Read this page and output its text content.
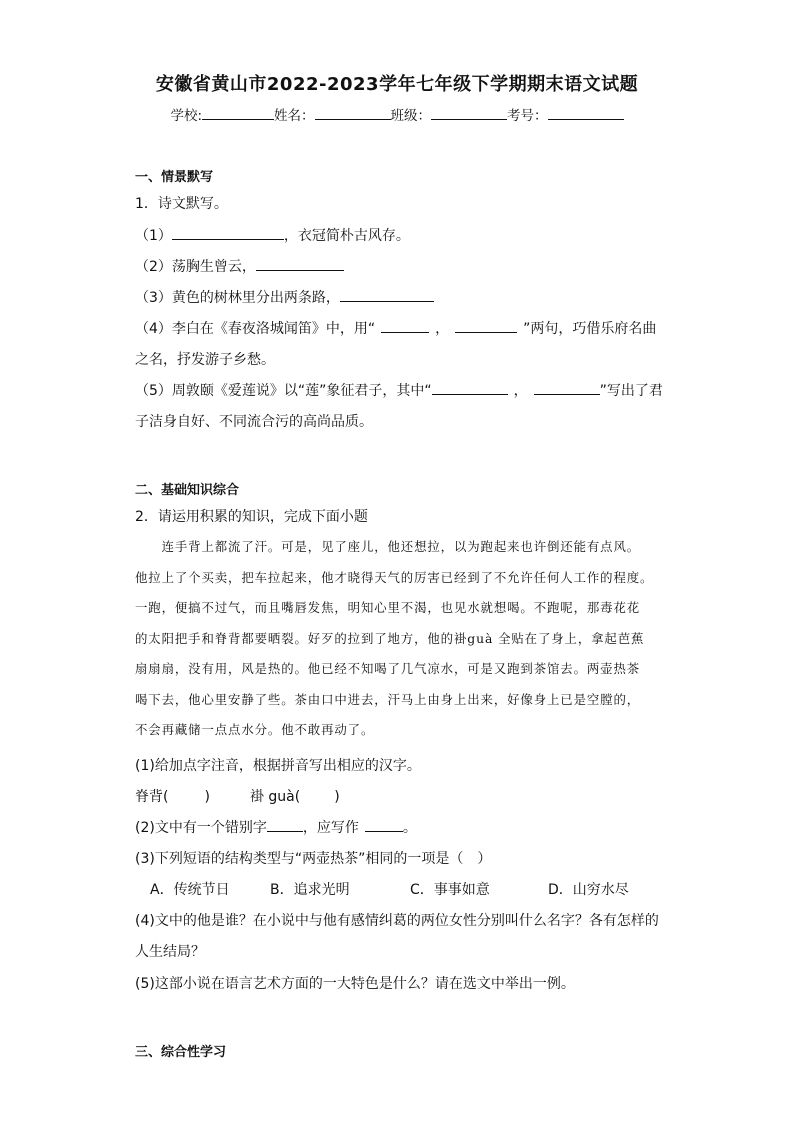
安徽省黄山市2022-2023学年七年级下学期期末语文试题
学校:	姓名：	班级：	考号：
一、情景默写
1．诗文默写。
（1）	，衣冠简朴古风存。
（2）荡胸生曾云，
（3）黄色的树林里分出两条路，
（4）李白在《春夜洛城闻笛》中，用“	，	”两句，巧借乐府名曲
之名，抒发游子乡愁。
（5）周敦颐《爱莲说》以“莲”象征君子，其中“	，	”写出了君
子洁身自好、不同流合污的高尚品质。
二、基础知识综合
2．请运用积累的知识，完成下面小题
　　连手背上都流了汗。可是，见了座儿，他还想拉，以为跑起来也许倒还能有点风。
他拉上了个买卖，把车拉起来，他才晓得天气的厉害已经到了不允许任何人工作的程度。
一跑，便搞不过气，而且嘴唇发焦，明知心里不渴，也见水就想喝。不跑呢，那毒花花
的太阳把手和脊背都要晒裂。好歹的拉到了地方，他的褂guà 全贴在了身上，拿起芭蕉
扇扇扇，没有用，风是热的。他已经不知喝了几气凉水，可是又跑到茶馆去。两壶热茶
喝下去，他心里安静了些。茶由口中进去，汗马上由身上出来，好像身上已是空膛的，
不会再藏储一点点水分。他不敢再动了。
(1)给加点字注音，根据拼音写出相应的汉字。
脊背(	)	褂 guà( )
(2)文中有一个错别字	，应写作	。
(3)下列短语的结构类型与“两壶热茶”相同的一项是（　）
A．传统节日	B．追求光明	C．事事如意	D．山穷水尽
(4)文中的他是谁？在小说中与他有感情纠葛的两位女性分别叫什么名字？各有怎样的
人生结局？
(5)这部小说在语言艺术方面的一大特色是什么？请在选文中举出一例。
三、综合性学习
